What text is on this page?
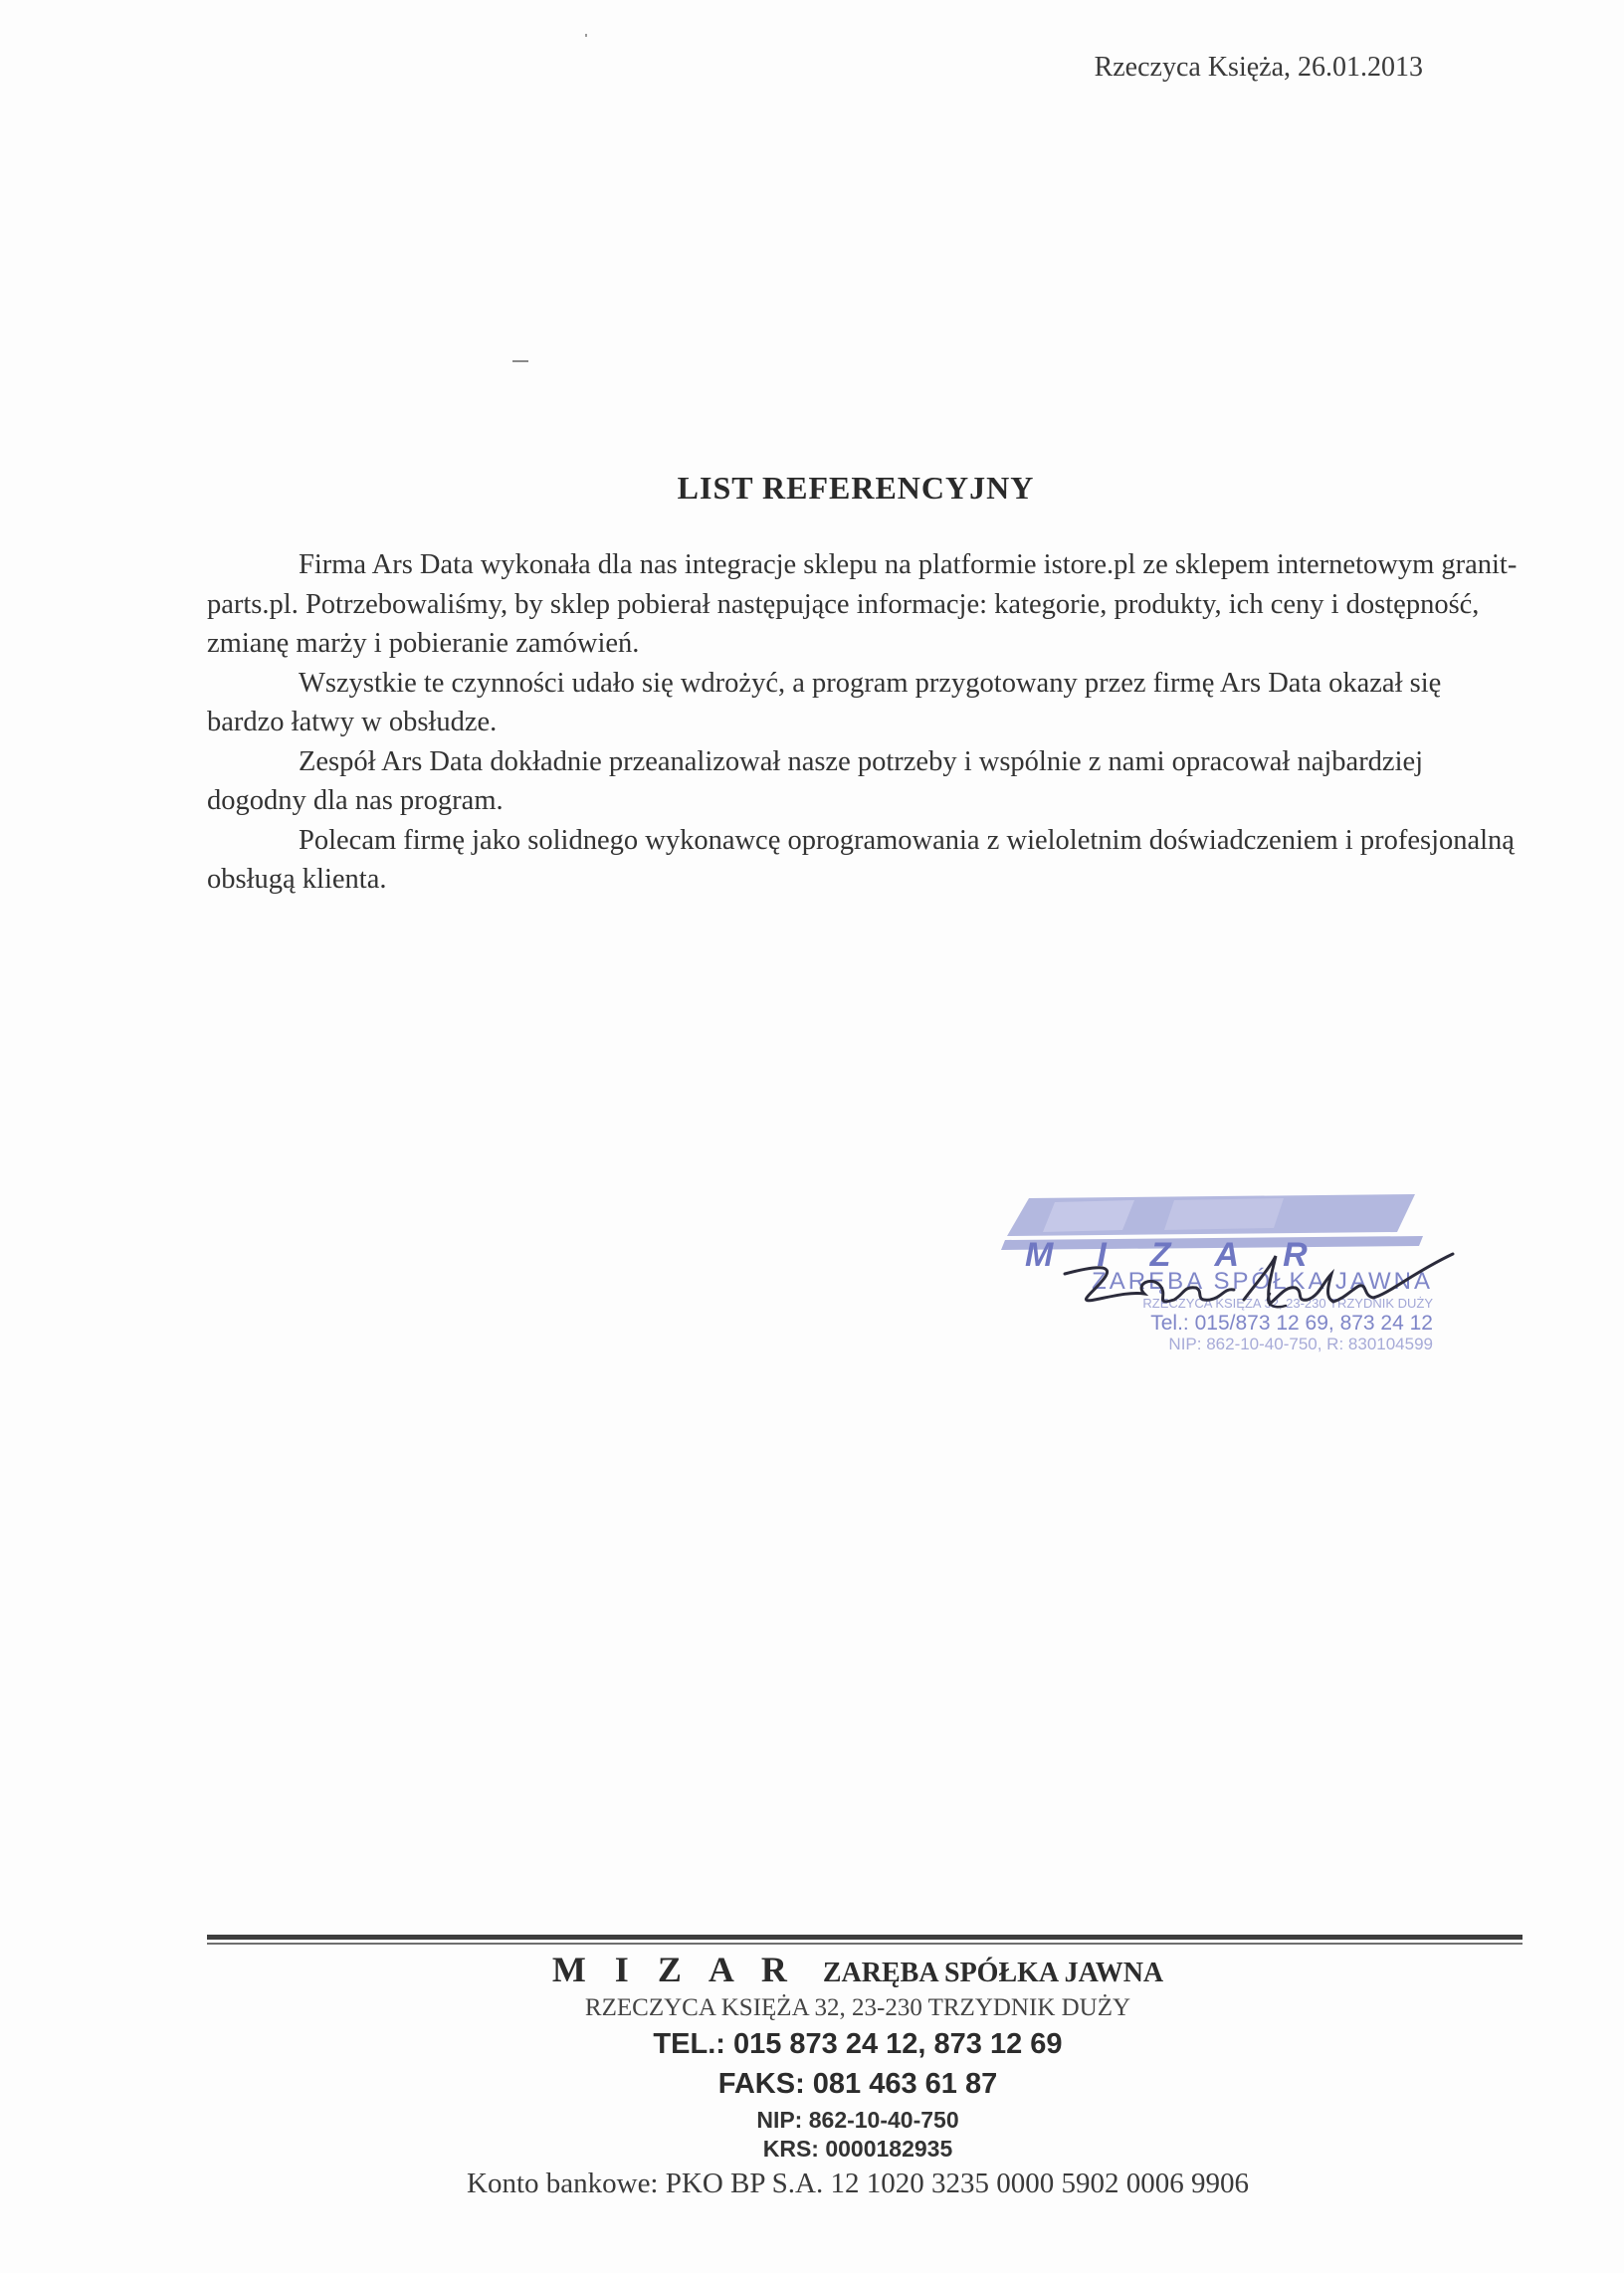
Rzeczyca Księża, 26.01.2013
LIST REFERENCYJNY

Firma Ars Data wykonała dla nas integracje sklepu na platformie istore.pl ze sklepem internetowym granit-parts.pl. Potrzebowaliśmy, by sklep pobierał następujące informacje: kategorie, produkty, ich ceny i dostępność, zmianę marży i pobieranie zamówień.

Wszystkie te czynności udało się wdrożyć, a program przygotowany przez firmę Ars Data okazał się bardzo łatwy w obsłudze.

Zespół Ars Data dokładnie przeanalizował nasze potrzeby i wspólnie z nami opracował najbardziej dogodny dla nas program.

Polecam firmę jako solidnego wykonawcę oprogramowania z wieloletnim doświadczeniem i profesjonalną obsługą klienta.

MIZAR
ZARĘBA SPÓŁKA JAWNA
RZECZYCA KSIĘŻA 32, 23-230 TRZYDNIK DUŻY
Tel.: 015/873 12 69, 873 24 12
NIP: 862-10-40-750, R: 830104599
M I Z A R ZARĘBA SPÓŁKA JAWNA
RZECZYCA KSIĘŻA 32, 23-230 TRZYDNIK DUŻY
TEL.: 015 873 24 12, 873 12 69
FAKS: 081 463 61 87
NIP: 862-10-40-750
KRS: 0000182935
Konto bankowe: PKO BP S.A. 12 1020 3235 0000 5902 0006 9906
